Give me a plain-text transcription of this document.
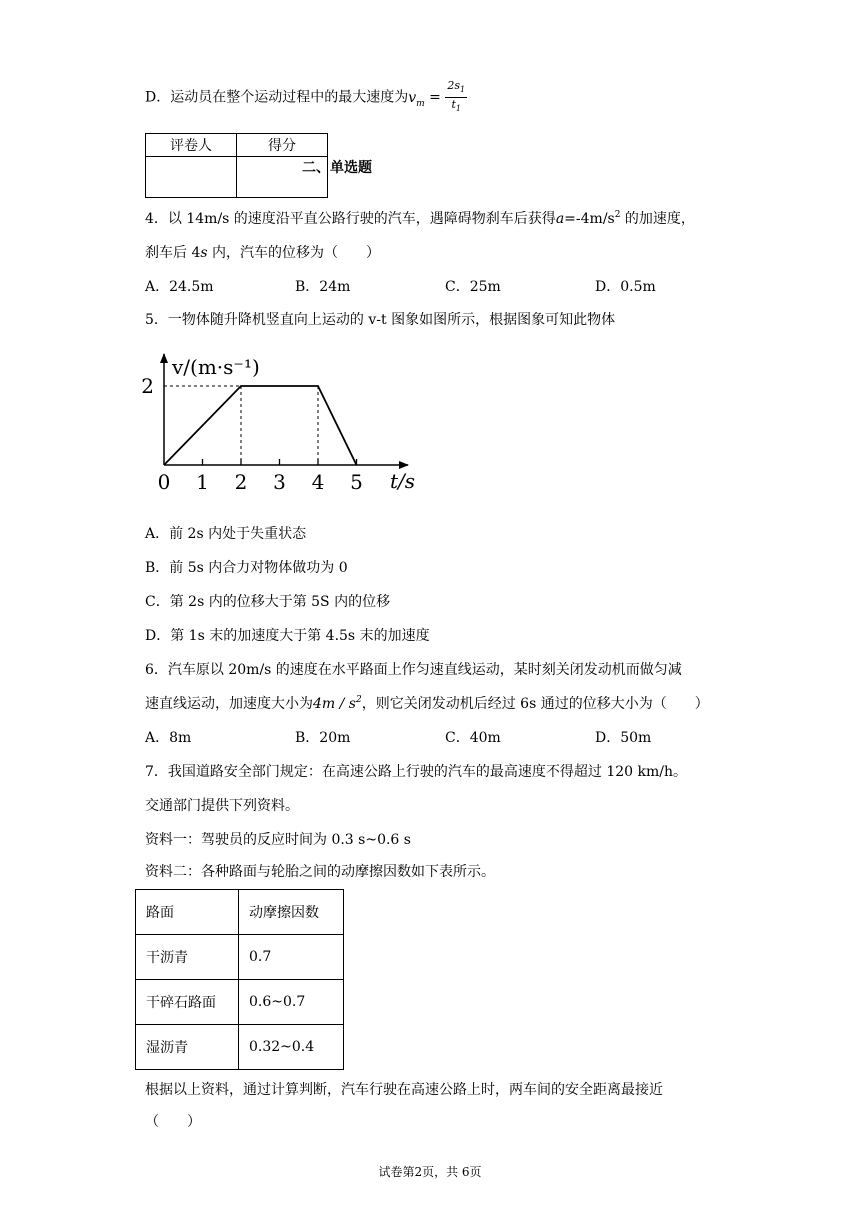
D．运动员在整个运动过程中的最大速度为$v_m = \frac{2s_1}{t_1}$
评卷人	得分

二、单选题
4．以 14m/s 的速度沿平直公路行驶的汽车，遇障碍物刹车后获得$a=-4m/s^2$ 的加速度，
刹车后 4s 内，汽车的位移为（　　）
A．24.5m	B．24m	C．25m	D．0.5m
5．一物体随升降机竖直向上运动的 v-t 图象如图所示，根据图象可知此物体
v/(m·s⁻¹)
t/s
0 1 2 3 4 5
2
A．前 2s 内处于失重状态
B．前 5s 内合力对物体做功为 0
C．第 2s 内的位移大于第 5S 内的位移
D．第 1s 末的加速度大于第 4.5s 末的加速度
6．汽车原以 20m/s 的速度在水平路面上作匀速直线运动，某时刻关闭发动机而做匀减
速直线运动，加速度大小为$4m / s^2$，则它关闭发动机后经过 6s 通过的位移大小为（　　）
A．8m	B．20m	C．40m	D．50m
7．我国道路安全部门规定：在高速公路上行驶的汽车的最高速度不得超过 120 km/h。
交通部门提供下列资料。
资料一：驾驶员的反应时间为 0.3 s~0.6 s
资料二：各种路面与轮胎之间的动摩擦因数如下表所示。
路面	动摩擦因数
干沥青	0.7
干碎石路面	0.6~0.7
湿沥青	0.32~0.4
根据以上资料，通过计算判断，汽车行驶在高速公路上时，两车间的安全距离最接近
（　　）
试卷第2页，共 6页
